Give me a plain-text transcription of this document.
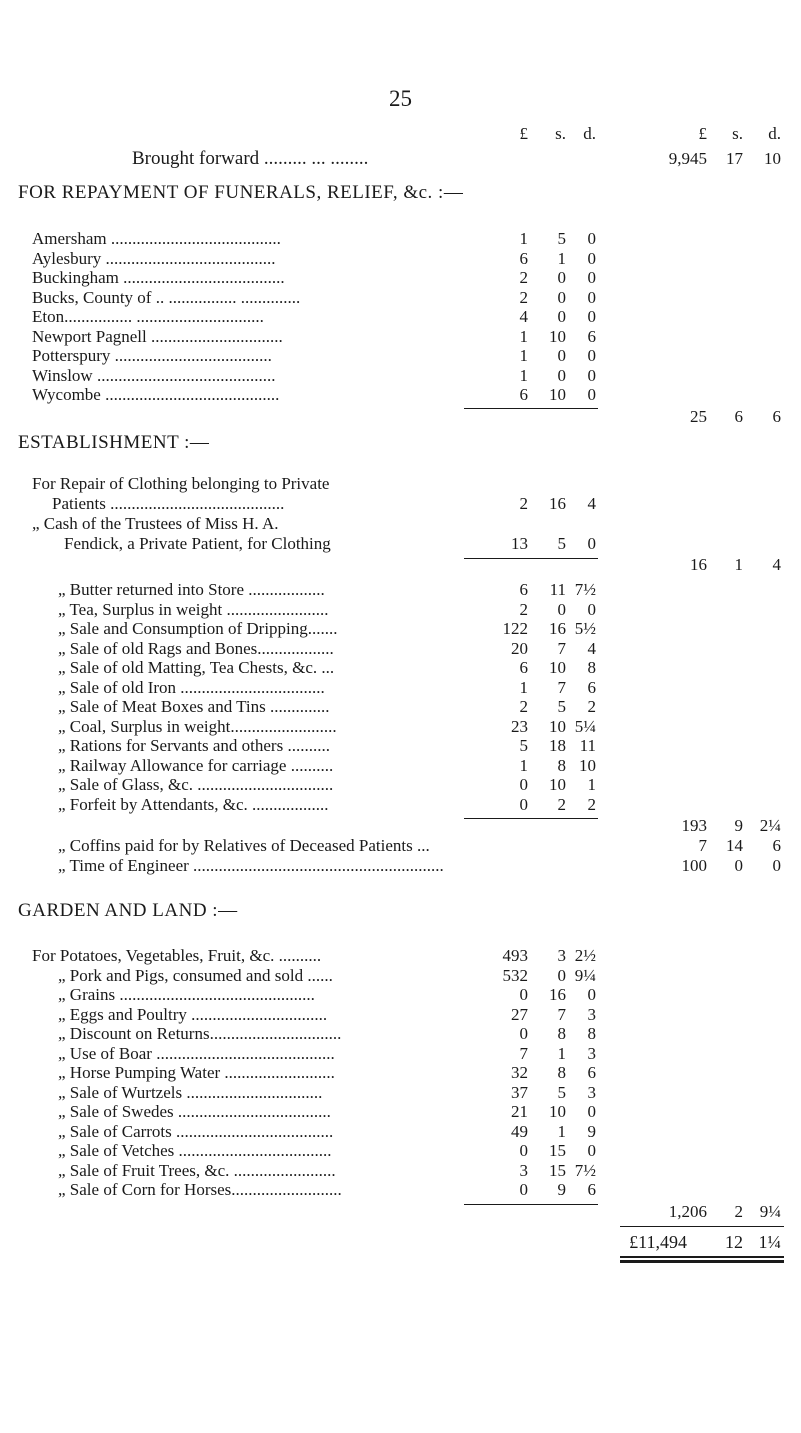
25
£	s.	d.	£	s.	d.
Brought forward ......... ... ........	9,945	17	10
FOR REPAYMENT OF FUNERALS, RELIEF, &c. :—
Amersham ........................................	1	5	0
Aylesbury ........................................	6	1	0
Buckingham ......................................	2	0	0
Bucks, County of .. ................ ..............	2	0	0
Eton................ ..............................	4	0	0
Newport Pagnell ...............................	1	10	6
Potterspury .....................................	1	0	0
Winslow ..........................................	1	0	0
Wycombe .........................................	6	10	0
25	6	6
ESTABLISHMENT :—
For Repair of Clothing belonging to Private
Patients .........................................	2	16	4
„ Cash of the Trustees of Miss H. A.
Fendick, a Private Patient, for Clothing	13	5	0
16	1	4
„ Butter returned into Store ..................	6	11 7½
„ Tea, Surplus in weight ........................	2	0	0
„ Sale and Consumption of Dripping.......	122	16 5½
„ Sale of old Rags and Bones..................	20	7	4
„ Sale of old Matting, Tea Chests, &c. ...	6	10	8
„ Sale of old Iron ..................................	1	7	6
„ Sale of Meat Boxes and Tins ..............	2	5	2
„ Coal, Surplus in weight.........................	23	10 5¼
„ Rations for Servants and others ..........	5	18 11
„ Railway Allowance for carriage ..........	1	8 10
„ Sale of Glass, &c. ................................	0	10	1
„ Forfeit by Attendants, &c. ..................	0	2	2
193	9 2¼
„ Coffins paid for by Relatives of Deceased Patients ...	7	14	6
„ Time of Engineer ...........................................................	100	0	0
GARDEN AND LAND :—
For Potatoes, Vegetables, Fruit, &c. ..........	493	3 2½
„ Pork and Pigs, consumed and sold ......	532	0 9¼
„ Grains ..............................................	0	16	0
„ Eggs and Poultry ................................	27	7	3
„ Discount on Returns...............................	0	8	8
„ Use of Boar ..........................................	7	1	3
„ Horse Pumping Water ..........................	32	8	6
„ Sale of Wurtzels ................................	37	5	3
„ Sale of Swedes ....................................	21	10	0
„ Sale of Carrots .....................................	49	1	9
„ Sale of Vetches ....................................	0	15	0
„ Sale of Fruit Trees, &c. ........................	3	15 7½
„ Sale of Corn for Horses..........................	0	9	6
1,206	2 9¼
£11,494	12 1¼
